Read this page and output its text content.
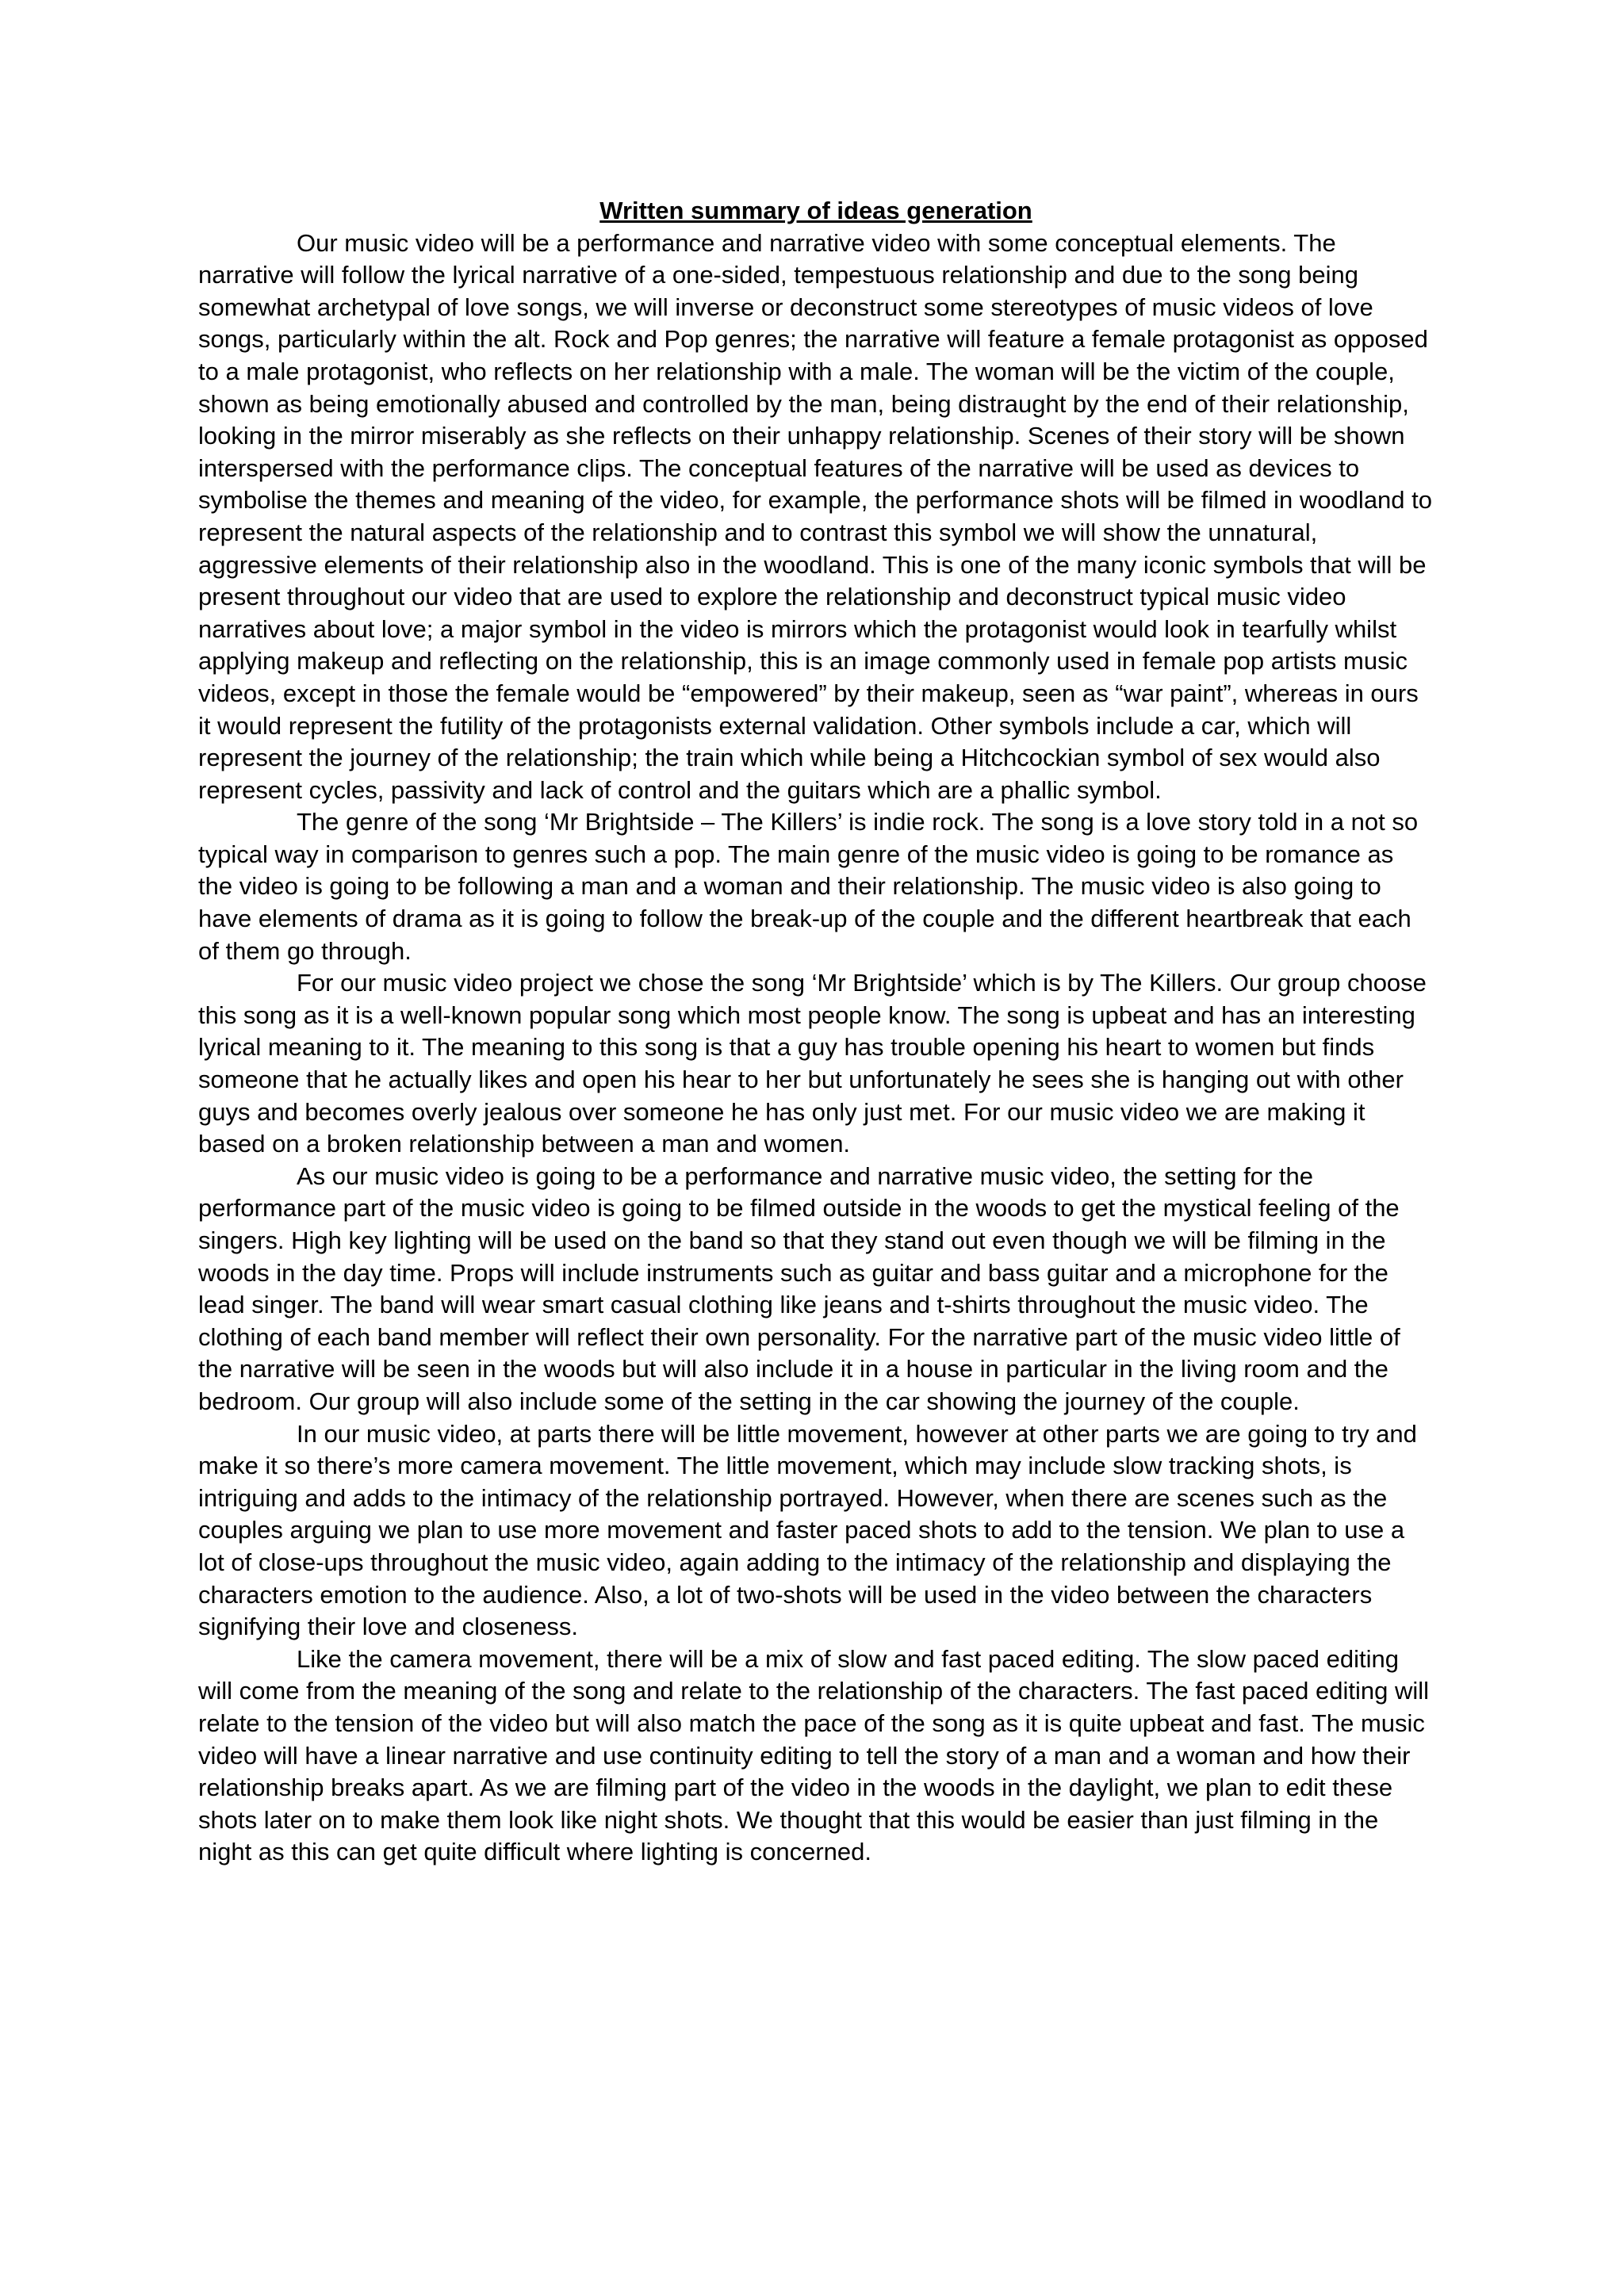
Written summary of ideas generation

Our music video will be a performance and narrative video with some conceptual elements. The narrative will follow the lyrical narrative of a one-sided, tempestuous relationship and due to the song being somewhat archetypal of love songs, we will inverse or deconstruct some stereotypes of music videos of love songs, particularly within the alt. Rock and Pop genres; the narrative will feature a female protagonist as opposed to a male protagonist, who reflects on her relationship with a male. The woman will be the victim of the couple, shown as being emotionally abused and controlled by the man, being distraught by the end of their relationship, looking in the mirror miserably as she reflects on their unhappy relationship. Scenes of their story will be shown interspersed with the performance clips. The conceptual features of the narrative will be used as devices to symbolise the themes and meaning of the video, for example, the performance shots will be filmed in woodland to represent the natural aspects of the relationship and to contrast this symbol we will show the unnatural, aggressive elements of their relationship also in the woodland. This is one of the many iconic symbols that will be present throughout our video that are used to explore the relationship and deconstruct typical music video narratives about love; a major symbol in the video is mirrors which the protagonist would look in tearfully whilst applying makeup and reflecting on the relationship, this is an image commonly used in female pop artists music videos, except in those the female would be “empowered” by their makeup, seen as “war paint”, whereas in ours it would represent the futility of the protagonists external validation. Other symbols include a car, which will represent the journey of the relationship; the train which while being a Hitchcockian symbol of sex would also represent cycles, passivity and lack of control and the guitars which are a phallic symbol.

The genre of the song ‘Mr Brightside – The Killers’ is indie rock. The song is a love story told in a not so typical way in comparison to genres such a pop. The main genre of the music video is going to be romance as the video is going to be following a man and a woman and their relationship. The music video is also going to have elements of drama as it is going to follow the break-up of the couple and the different heartbreak that each of them go through.

For our music video project we chose the song ‘Mr Brightside’ which is by The Killers. Our group choose this song as it is a well-known popular song which most people know. The song is upbeat and has an interesting lyrical meaning to it. The meaning to this song is that a guy has trouble opening his heart to women but finds someone that he actually likes and open his hear to her but unfortunately he sees she is hanging out with other guys and becomes overly jealous over someone he has only just met. For our music video we are making it based on a broken relationship between a man and women.

As our music video is going to be a performance and narrative music video, the setting for the performance part of the music video is going to be filmed outside in the woods to get the mystical feeling of the singers. High key lighting will be used on the band so that they stand out even though we will be filming in the woods in the day time. Props will include instruments such as guitar and bass guitar and a microphone for the lead singer. The band will wear smart casual clothing like jeans and t-shirts throughout the music video. The clothing of each band member will reflect their own personality. For the narrative part of the music video little of the narrative will be seen in the woods but will also include it in a house in particular in the living room and the bedroom. Our group will also include some of the setting in the car showing the journey of the couple.

In our music video, at parts there will be little movement, however at other parts we are going to try and make it so there’s more camera movement. The little movement, which may include slow tracking shots, is intriguing and adds to the intimacy of the relationship portrayed. However, when there are scenes such as the couples arguing we plan to use more movement and faster paced shots to add to the tension. We plan to use a lot of close-ups throughout the music video, again adding to the intimacy of the relationship and displaying the characters emotion to the audience. Also, a lot of two-shots will be used in the video between the characters signifying their love and closeness.

Like the camera movement, there will be a mix of slow and fast paced editing. The slow paced editing will come from the meaning of the song and relate to the relationship of the characters. The fast paced editing will relate to the tension of the video but will also match the pace of the song as it is quite upbeat and fast. The music video will have a linear narrative and use continuity editing to tell the story of a man and a woman and how their relationship breaks apart. As we are filming part of the video in the woods in the daylight, we plan to edit these shots later on to make them look like night shots. We thought that this would be easier than just filming in the night as this can get quite difficult where lighting is concerned.
